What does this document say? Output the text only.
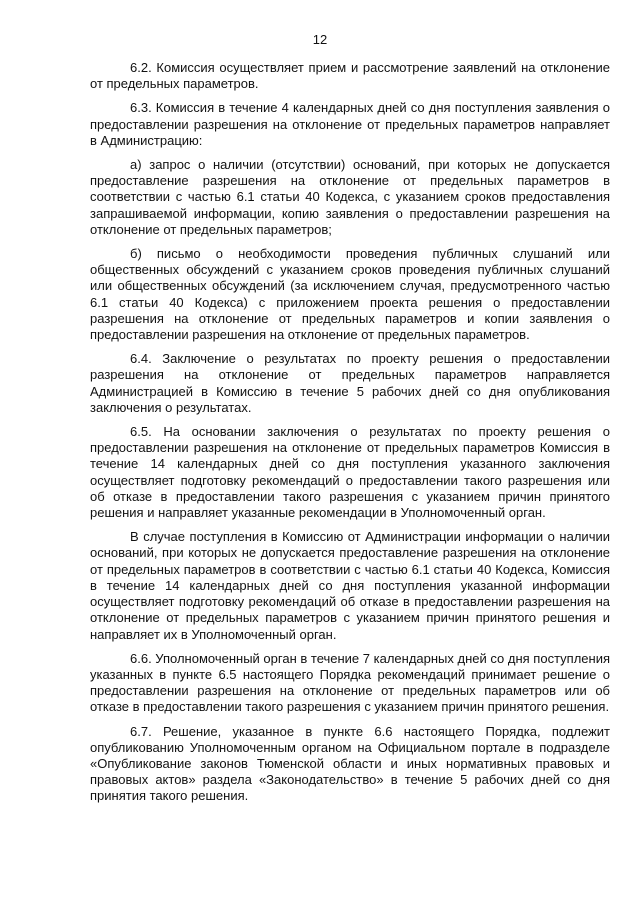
12

6.2. Комиссия осуществляет прием и рассмотрение заявлений на отклонение от предельных параметров.

6.3. Комиссия в течение 4 календарных дней со дня поступления заявления о предоставлении разрешения на отклонение от предельных параметров направляет в Администрацию:

а) запрос о наличии (отсутствии) оснований, при которых не допускается предоставление разрешения на отклонение от предельных параметров в соответствии с частью 6.1 статьи 40 Кодекса, с указанием сроков предоставления запрашиваемой информации, копию заявления о предоставлении разрешения на отклонение от предельных параметров;

б) письмо о необходимости проведения публичных слушаний или общественных обсуждений с указанием сроков проведения публичных слушаний или общественных обсуждений (за исключением случая, предусмотренного частью 6.1 статьи 40 Кодекса) с приложением проекта решения о предоставлении разрешения на отклонение от предельных параметров и копии заявления о предоставлении разрешения на отклонение от предельных параметров.

6.4. Заключение о результатах по проекту решения о предоставлении разрешения на отклонение от предельных параметров направляется Администрацией в Комиссию в течение 5 рабочих дней со дня опубликования заключения о результатах.

6.5. На основании заключения о результатах по проекту решения о предоставлении разрешения на отклонение от предельных параметров Комиссия в течение 14 календарных дней со дня поступления указанного заключения осуществляет подготовку рекомендаций о предоставлении такого разрешения или об отказе в предоставлении такого разрешения с указанием причин принятого решения и направляет указанные рекомендации в Уполномоченный орган.

В случае поступления в Комиссию от Администрации информации о наличии оснований, при которых не допускается предоставление разрешения на отклонение от предельных параметров в соответствии с частью 6.1 статьи 40 Кодекса, Комиссия в течение 14 календарных дней со дня поступления указанной информации осуществляет подготовку рекомендаций об отказе в предоставлении разрешения на отклонение от предельных параметров с указанием причин принятого решения и направляет их в Уполномоченный орган.

6.6. Уполномоченный орган в течение 7 календарных дней со дня поступления указанных в пункте 6.5 настоящего Порядка рекомендаций принимает решение о предоставлении разрешения на отклонение от предельных параметров или об отказе в предоставлении такого разрешения с указанием причин принятого решения.

6.7. Решение, указанное в пункте 6.6 настоящего Порядка, подлежит опубликованию Уполномоченным органом на Официальном портале в подразделе «Опубликование законов Тюменской области и иных нормативных правовых и правовых актов» раздела «Законодательство» в течение 5 рабочих дней со дня принятия такого решения.
